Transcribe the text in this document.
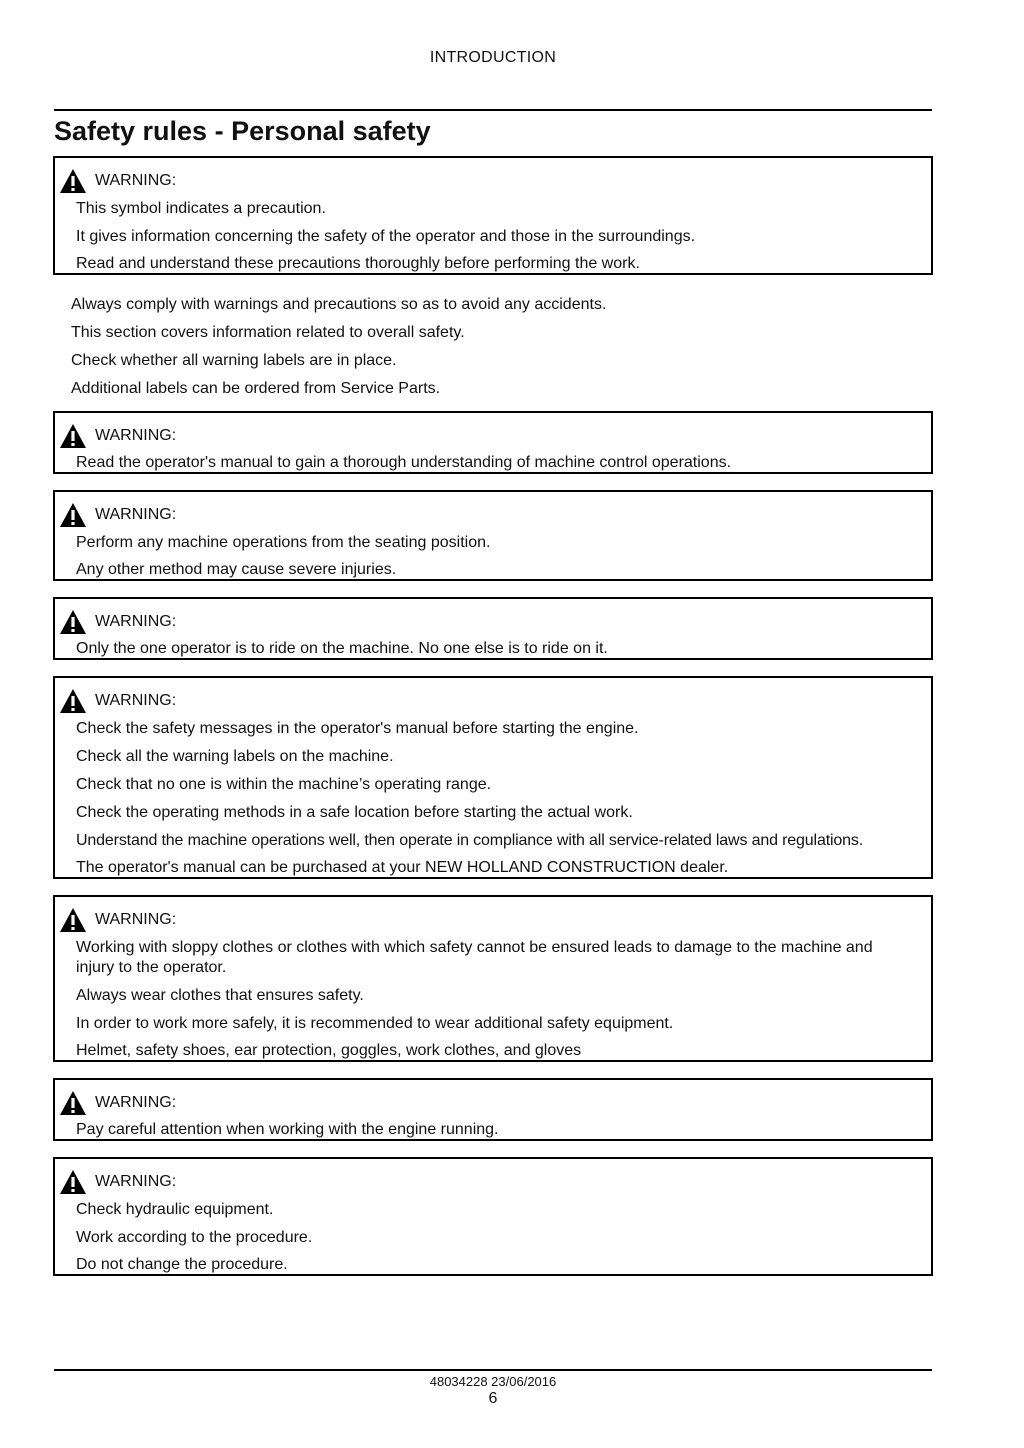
INTRODUCTION
Safety rules - Personal safety
WARNING:
This symbol indicates a precaution.
It gives information concerning the safety of the operator and those in the surroundings.
Read and understand these precautions thoroughly before performing the work.
Always comply with warnings and precautions so as to avoid any accidents.
This section covers information related to overall safety.
Check whether all warning labels are in place.
Additional labels can be ordered from Service Parts.
WARNING:
Read the operator's manual to gain a thorough understanding of machine control operations.
WARNING:
Perform any machine operations from the seating position.
Any other method may cause severe injuries.
WARNING:
Only the one operator is to ride on the machine. No one else is to ride on it.
WARNING:
Check the safety messages in the operator's manual before starting the engine.
Check all the warning labels on the machine.
Check that no one is within the machine’s operating range.
Check the operating methods in a safe location before starting the actual work.
Understand the machine operations well, then operate in compliance with all service-related laws and regulations.
The operator's manual can be purchased at your NEW HOLLAND CONSTRUCTION dealer.
WARNING:
Working with sloppy clothes or clothes with which safety cannot be ensured leads to damage to the machine and injury to the operator.
Always wear clothes that ensures safety.
In order to work more safely, it is recommended to wear additional safety equipment.
Helmet, safety shoes, ear protection, goggles, work clothes, and gloves
WARNING:
Pay careful attention when working with the engine running.
WARNING:
Check hydraulic equipment.
Work according to the procedure.
Do not change the procedure.
48034228 23/06/2016
6
